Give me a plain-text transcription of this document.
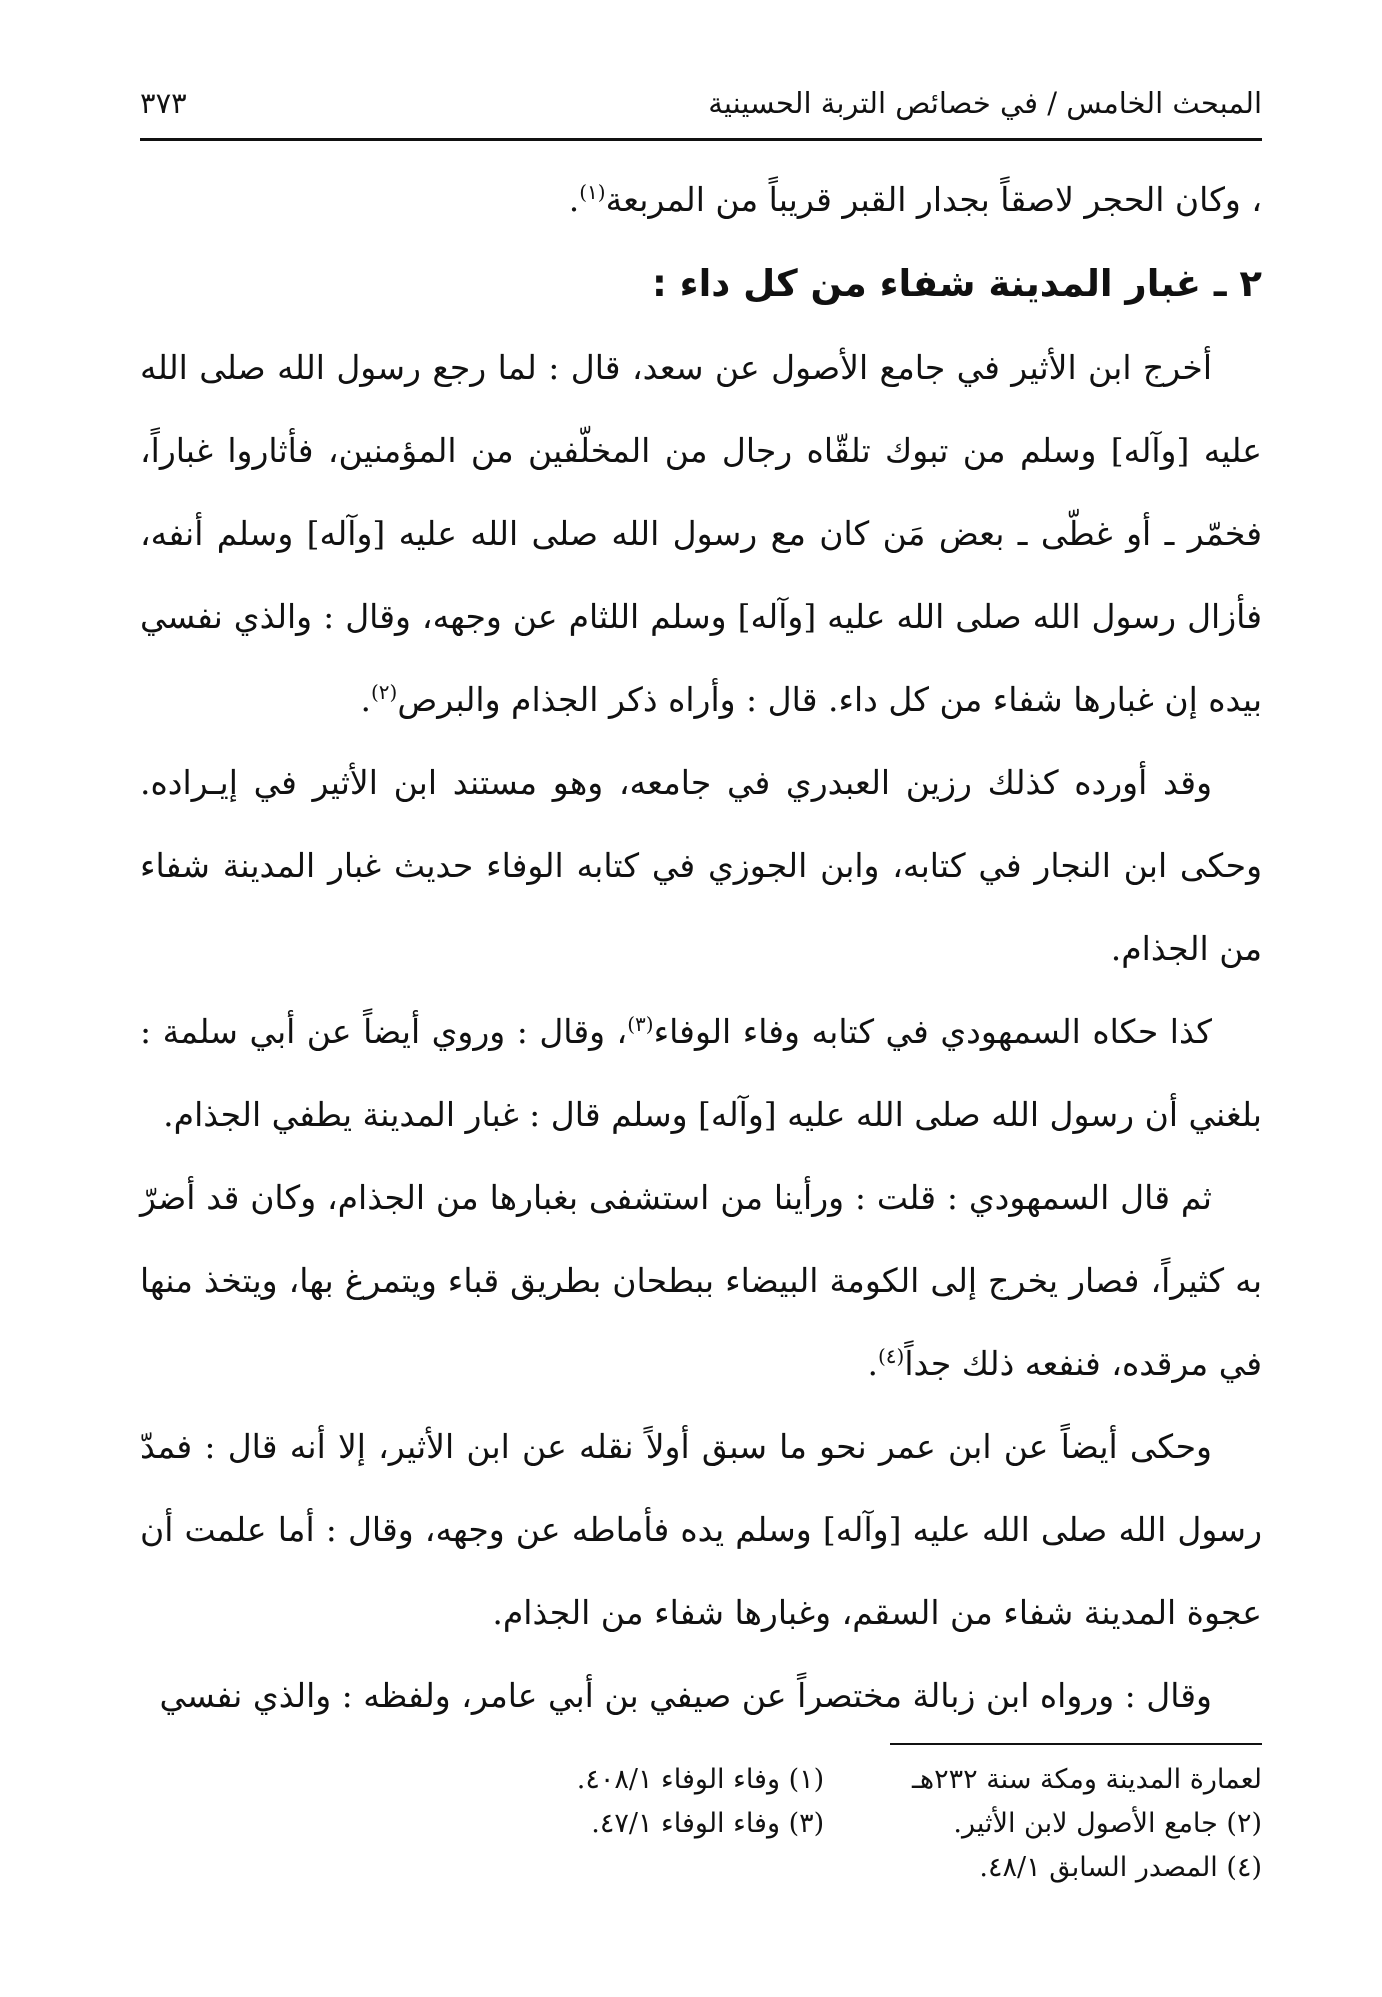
المبحث الخامس / في خصائص التربة الحسينية
٣٧٣

، وكان الحجر لاصقاً بجدار القبر قريباً من المربعة$^{(١)}$.

٢ ـ غبار المدينة شفاء من كل داء :

أخرج ابن الأثير في جامع الأصول عن سعد، قال : لما رجع رسول الله صلى الله عليه [وآله] وسلم من تبوك تلقّاه رجال من المخلّفين من المؤمنين، فأثاروا غباراً، فخمّر ـ أو غطّى ـ بعض مَن كان مع رسول الله صلى الله عليه [وآله] وسلم أنفه، فأزال رسول الله صلى الله عليه [وآله] وسلم اللثام عن وجهه، وقال : والذي نفسي بيده إن غبارها شفاء من كل داء. قال : وأراه ذكر الجذام والبرص$^{(٢)}$.

وقد أورده كذلك رزين العبدري في جامعه، وهو مستند ابن الأثير في إيـراده. وحكى ابن النجار في كتابه، وابن الجوزي في كتابه الوفاء حديث غبار المدينة شفاء من الجذام.

كذا حكاه السمهودي في كتابه وفاء الوفاء$^{(٣)}$، وقال : وروي أيضاً عن أبي سلمة : بلغني أن رسول الله صلى الله عليه [وآله] وسلم قال : غبار المدينة يطفي الجذام.

ثم قال السمهودي : قلت : ورأينا من استشفى بغبارها من الجذام، وكان قد أضرّ به كثيراً، فصار يخرج إلى الكومة البيضاء ببطحان بطريق قباء ويتمرغ بها، ويتخذ منها في مرقده، فنفعه ذلك جداً$^{(٤)}$.

وحكى أيضاً عن ابن عمر نحو ما سبق أولاً نقله عن ابن الأثير، إلا أنه قال : فمدّ رسول الله صلى الله عليه [وآله] وسلم يده فأماطه عن وجهه، وقال : أما علمت أن عجوة المدينة شفاء من السقم، وغبارها شفاء من الجذام.

وقال : ورواه ابن زبالة مختصراً عن صيفي بن أبي عامر، ولفظه : والذي نفسي

لعمارة المدينة ومكة سنة ٢٣٢هـ
(١) وفاء الوفاء ٤٠٨/١.
(٢) جامع الأصول لابن الأثير.
(٣) وفاء الوفاء ٤٧/١.
(٤) المصدر السابق ٤٨/١.
